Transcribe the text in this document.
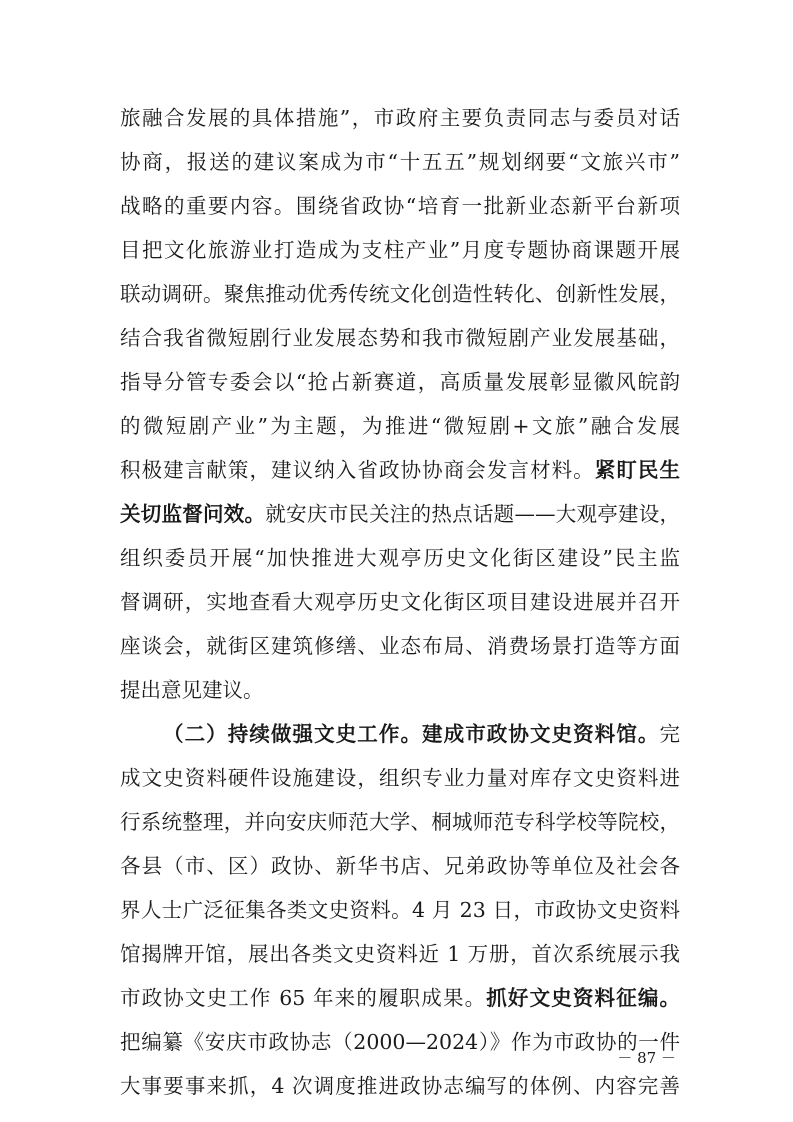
旅融合发展的具体措施”，市政府主要负责同志与委员对话
协商，报送的建议案成为市“十五五”规划纲要“文旅兴市”
战略的重要内容。围绕省政协“培育一批新业态新平台新项
目把文化旅游业打造成为支柱产业”月度专题协商课题开展
联动调研。聚焦推动优秀传统文化创造性转化、创新性发展，
结合我省微短剧行业发展态势和我市微短剧产业发展基础，
指导分管专委会以“抢占新赛道，高质量发展彰显徽风皖韵
的微短剧产业”为主题，为推进“微短剧+文旅”融合发展
积极建言献策，建议纳入省政协协商会发言材料。紧盯民生
关切监督问效。就安庆市民关注的热点话题——大观亭建设，
组织委员开展“加快推进大观亭历史文化街区建设”民主监
督调研，实地查看大观亭历史文化街区项目建设进展并召开
座谈会，就街区建筑修缮、业态布局、消费场景打造等方面
提出意见建议。
（二）持续做强文史工作。建成市政协文史资料馆。完
成文史资料硬件设施建设，组织专业力量对库存文史资料进
行系统整理，并向安庆师范大学、桐城师范专科学校等院校，
各县（市、区）政协、新华书店、兄弟政协等单位及社会各
界人士广泛征集各类文史资料。4 月 23 日，市政协文史资料
馆揭牌开馆，展出各类文史资料近 1 万册，首次系统展示我
市政协文史工作 65 年来的履职成果。抓好文史资料征编。
把编纂《安庆市政协志（2000—2024）》作为市政协的一件
大事要事来抓，4 次调度推进政协志编写的体例、内容完善
－ 87 －
